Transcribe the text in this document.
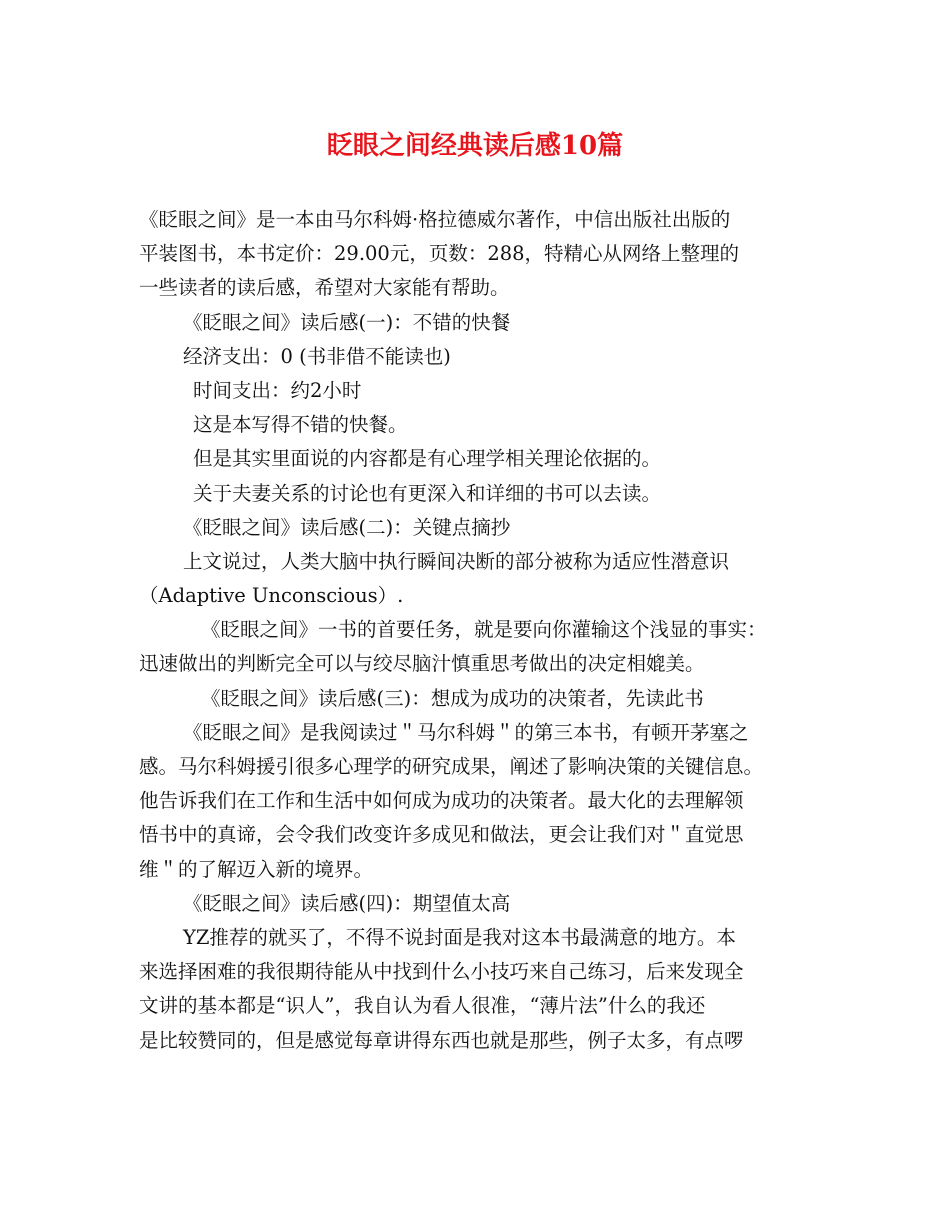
眨眼之间经典读后感10篇
《眨眼之间》是一本由马尔科姆·格拉德威尔著作，中信出版社出版的
平装图书，本书定价：29.00元，页数：288，特精心从网络上整理的
一些读者的读后感，希望对大家能有帮助。
《眨眼之间》读后感(一)：不错的快餐
经济支出：0 (书非借不能读也)
时间支出：约2小时
这是本写得不错的快餐。
但是其实里面说的内容都是有心理学相关理论依据的。
关于夫妻关系的讨论也有更深入和详细的书可以去读。
《眨眼之间》读后感(二)：关键点摘抄
上文说过，人类大脑中执行瞬间决断的部分被称为适应性潜意识
（Adaptive Unconscious）.
《眨眼之间》一书的首要任务，就是要向你灌输这个浅显的事实：
迅速做出的判断完全可以与绞尽脑汁慎重思考做出的决定相媲美。
《眨眼之间》读后感(三)：想成为成功的决策者，先读此书
《眨眼之间》是我阅读过＂马尔科姆＂的第三本书，有顿开茅塞之
感。马尔科姆援引很多心理学的研究成果，阐述了影响决策的关键信息。
他告诉我们在工作和生活中如何成为成功的决策者。最大化的去理解领
悟书中的真谛，会令我们改变许多成见和做法，更会让我们对＂直觉思
维＂的了解迈入新的境界。
《眨眼之间》读后感(四)：期望值太高
YZ推荐的就买了，不得不说封面是我对这本书最满意的地方。本
来选择困难的我很期待能从中找到什么小技巧来自己练习，后来发现全
文讲的基本都是“识人”，我自认为看人很准，“薄片法”什么的我还
是比较赞同的，但是感觉每章讲得东西也就是那些，例子太多，有点啰
